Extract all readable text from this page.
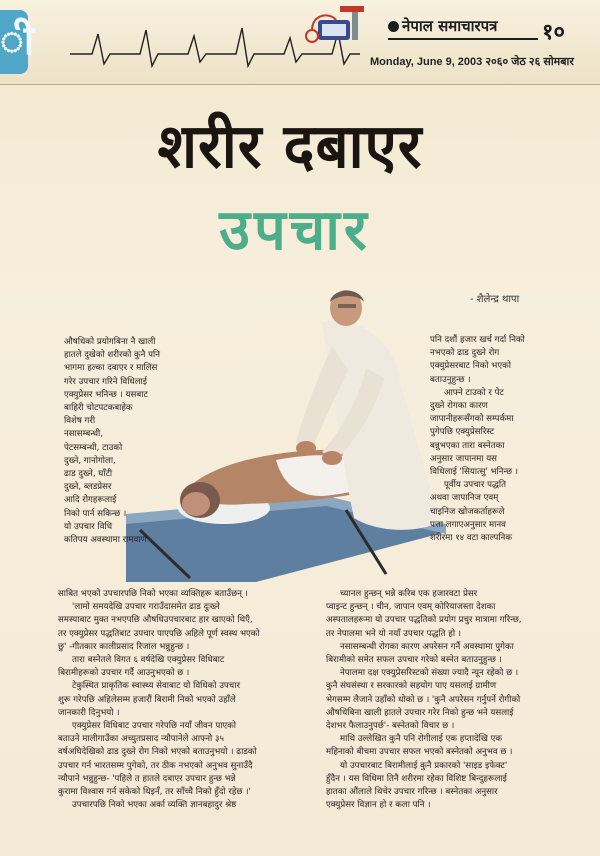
ी	नेपाल समाचारपत्र	१०
Monday, June 9, 2003 २०६० जेठ २६ सोमबार
शरीर दबाएर
उपचार
- शैलेन्द्र थापा

औषधिको प्रयोगबिना नै खाली

हातले दुखेको शरीरको कुनै पनि

भागमा हल्का दबाएर र मालिस

गरेर उपचार गरिने विधिलाई

एक्युप्रेसर भनिन्छ । यसबाट

बाहिरी चोटपटकबाहेक

विशेष गरी

नसासम्बन्धी,

पेटसम्बन्धी, टाउको

दुख्ने, गानोगोला,

ढाड दुख्ने, घाँटी

दुख्ने, ब्लडप्रेसर

आदि रोगहरूलाई

निको पार्न सकिन्छ ।

यो उपचार विधि

कतिपय अवस्थामा रामवाण

पनि दशौं हजार खर्च गर्दा निको

नभएको ढाड दुख्ने रोग

एक्युप्रेसरबाट निको भएको

बताउनुहुन्छ ।

आफ्ने टाउको र पेट

दुख्ने रोगका कारण

जापानीहरूसँगको सम्पर्कमा

पुगेपछि एक्युप्रेसरिस्ट

बन्नुभएका तारा बस्नेतका

अनुसार जापानमा यस

विधिलाई 'सियात्सु' भनिन्छ ।

पूर्वीय उपचार पद्धति

अथवा जापानिज एवम्

चाइनिज खोजकर्ताहरूले

पत्ता लगाएअनुसार मानव

शरीरमा १४ वटा काल्पनिक

साबित भएको उपचारपछि निको भएका व्यक्तिहरू बताउँछन् ।

'लामो समयदेखि उपचार गराउँदासमेत ढाड दुःख्ने

समस्याबाट मुक्त नभएपछि औषधिउपचारबाट हार खाएको थिएँ,

तर एक्युप्रेसर पद्धतिबाट उपचार पाएपछि अहिले पूर्ण स्वस्थ भएको

छु' -गीतकार कालीप्रसाद रिजाल भन्नुहुन्छ ।

तारा बस्नेतले विगत ६ वर्षदेखि एक्युप्रेसर विधिबाट

बिरामीहरूको उपचार गर्दै आउनुभएको छ ।

टेकुस्थित प्राकृतिक स्वास्थ्य सेवाबाट यो विधिको उपचार

शुरू गरेपछि अहिलेसम्म हजारौं बिरामी निको भएको उहाँले

जानकारी दिनुभयो ।

एक्युप्रेसर विधिबाट उपचार गरेपछि नयाँ जीवन पाएको

बताउने मालीगाउँका अच्युतप्रसाद न्यौपानेले आफ्नो ३५

वर्षअघिदेखिको ढाड दुख्ने रोग निको भएको बताउनुभयो । ढाडको

उपचार गर्न भारतसम्म पुगेको, तर ठीक नभएको अनुभव सुनाउँदै

न्यौपाने भन्नुहुन्छ- 'पहिले त हातले दबाएर उपचार हुन्छ भन्ने

कुरामा विश्वास गर्न सकेको थिइनँ, तर साँच्चै निको हुँदो रहेछ ।'

उपचारपछि निको भएका अर्का व्यक्ति ज्ञानबहादुर श्रेष्ठ

च्यानल हुन्छन् भन्ने करिब एक हजारवटा प्रेसर

प्वाइन्ट हुन्छन् । चीन, जापान एवम् कोरियाजस्ता देशका

अस्पतालहरूमा यो उपचार पद्धतिको प्रयोग प्रचुर मात्रामा गरिन्छ,

तर नेपालमा भने यो नयाँ उपचार पद्धति हो ।

नसासम्बन्धी रोगका कारण अपरेसन गर्नै अवस्थामा पुगेका

बिरामीको समेत सफल उपचार गरेको बस्नेत बताउनुहुन्छ ।

नेपालमा दक्ष एक्युप्रेसरिस्टको संख्या ज्यादै न्यून रहेको छ ।

कुनै संघसंस्था र सरकारको सहयोग पाए यसलाई ग्रामीण

भेगसम्म लैजाने उहाँको धोको छ । 'कुनै अपरेसन गर्नुपर्ने रोगीको

औषधिबिना खाली हातले उपचार गरेर निको हुन्छ भने यसलाई

देशभर फैलाउनुपर्छ'- बस्नेतको विचार छ ।

माथि उल्लेखित कुनै पनि रोगीलाई एक हप्तादेखि एक

महिनाको बीचमा उपचार सफल भएको बस्नेतको अनुभव छ ।

यो उपचारबाट बिरामीलाई कुनै प्रकारको 'साइड इफेक्ट'

हुँदैन । यस विधिमा तिनै शरीरमा रहेका विशिष्ट बिन्दुहरूलाई

हातका औंलाले थिचेर उपचार गरिन्छ । बस्नेतका अनुसार

एक्युप्रेसर विज्ञान हो र कला पनि ।
